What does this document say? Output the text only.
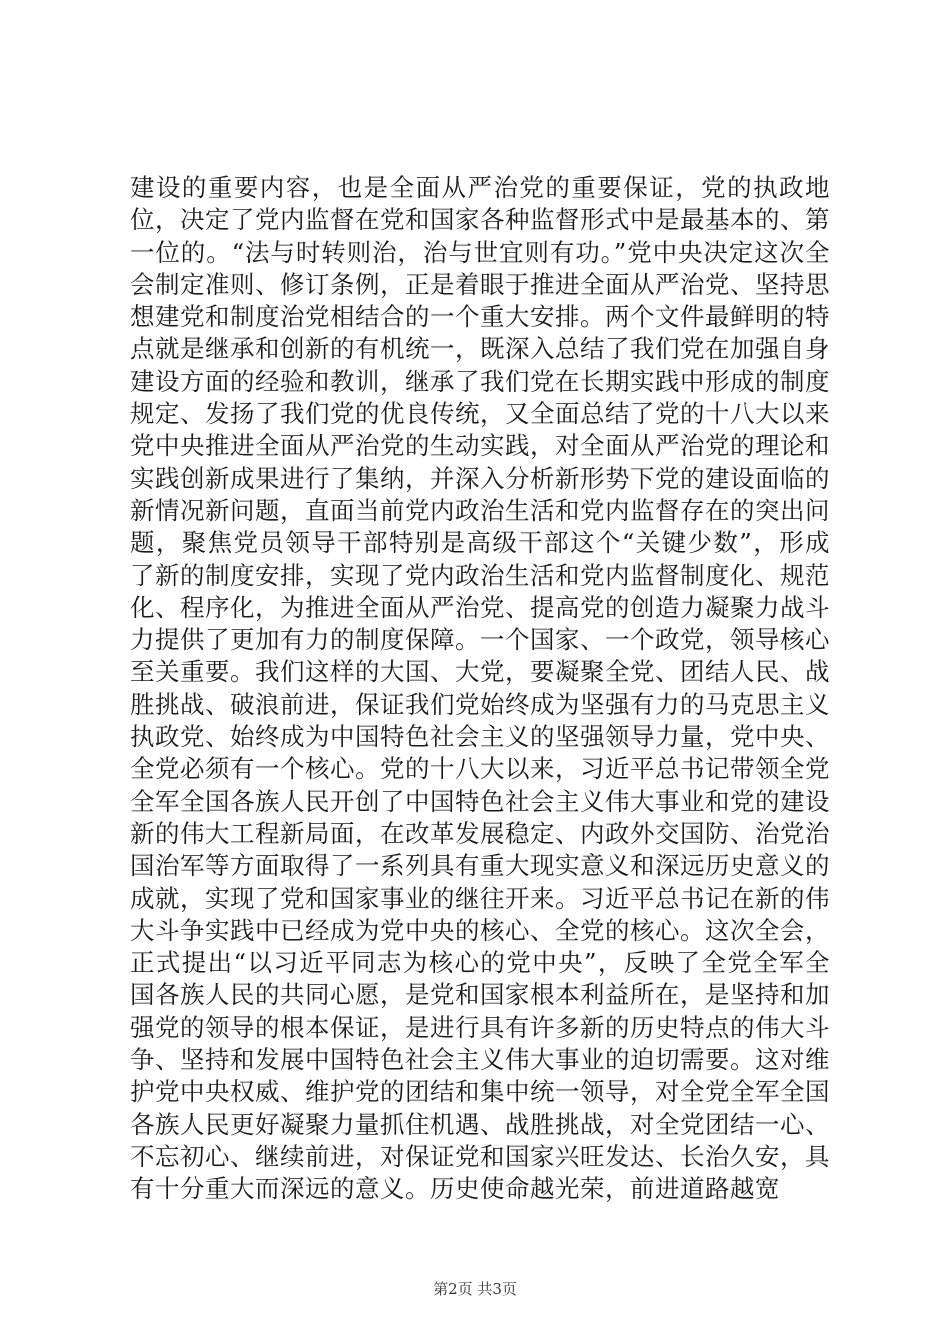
建设的重要内容，也是全面从严治党的重要保证，党的执政地位，决定了党内监督在党和国家各种监督形式中是最基本的、第一位的。“法与时转则治，治与世宜则有功。”党中央决定这次全会制定准则、修订条例，正是着眼于推进全面从严治党、坚持思想建党和制度治党相结合的一个重大安排。两个文件最鲜明的特点就是继承和创新的有机统一，既深入总结了我们党在加强自身建设方面的经验和教训，继承了我们党在长期实践中形成的制度规定、发扬了我们党的优良传统，又全面总结了党的十八大以来党中央推进全面从严治党的生动实践，对全面从严治党的理论和实践创新成果进行了集纳，并深入分析新形势下党的建设面临的新情况新问题，直面当前党内政治生活和党内监督存在的突出问题，聚焦党员领导干部特别是高级干部这个“关键少数”，形成了新的制度安排，实现了党内政治生活和党内监督制度化、规范化、程序化，为推进全面从严治党、提高党的创造力凝聚力战斗力提供了更加有力的制度保障。一个国家、一个政党，领导核心至关重要。我们这样的大国、大党，要凝聚全党、团结人民、战胜挑战、破浪前进，保证我们党始终成为坚强有力的马克思主义执政党、始终成为中国特色社会主义的坚强领导力量，党中央、全党必须有一个核心。党的十八大以来，习近平总书记带领全党全军全国各族人民开创了中国特色社会主义伟大事业和党的建设新的伟大工程新局面，在改革发展稳定、内政外交国防、治党治国治军等方面取得了一系列具有重大现实意义和深远历史意义的成就，实现了党和国家事业的继往开来。习近平总书记在新的伟大斗争实践中已经成为党中央的核心、全党的核心。这次全会，正式提出“以习近平同志为核心的党中央”，反映了全党全军全国各族人民的共同心愿，是党和国家根本利益所在，是坚持和加强党的领导的根本保证，是进行具有许多新的历史特点的伟大斗争、坚持和发展中国特色社会主义伟大事业的迫切需要。这对维护党中央权威、维护党的团结和集中统一领导，对全党全军全国各族人民更好凝聚力量抓住机遇、战胜挑战，对全党团结一心、不忘初心、继续前进，对保证党和国家兴旺发达、长治久安，具有十分重大而深远的意义。历史使命越光荣，前进道路越宽

第2页 共3页
